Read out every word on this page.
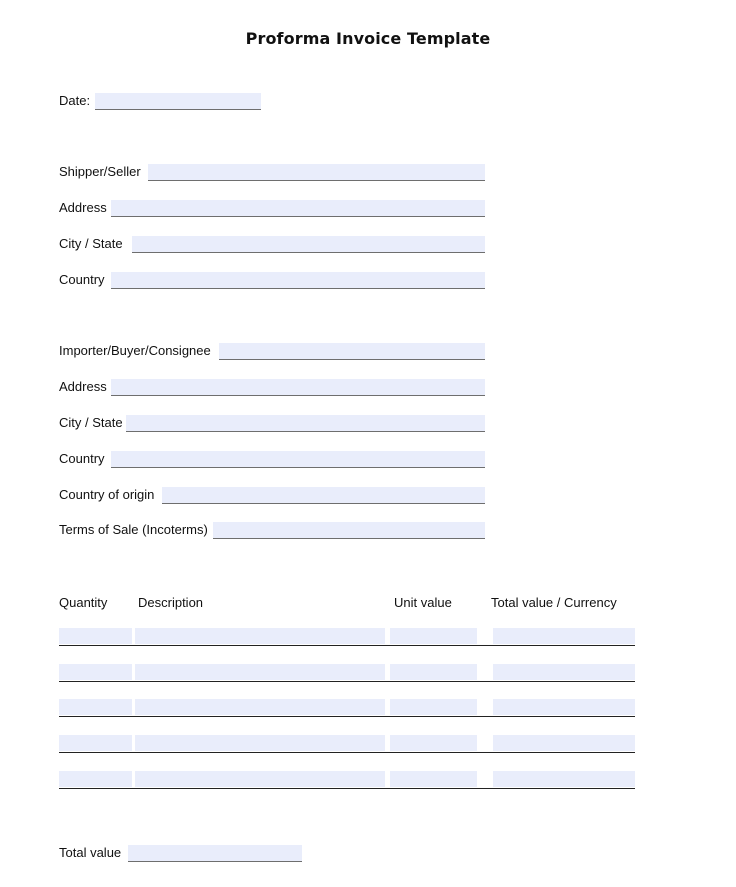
Proforma Invoice Template
Date:
Shipper/Seller
Address
City / State
Country
Importer/Buyer/Consignee
Address
City / State
Country
Country of origin
Terms of Sale (Incoterms)
Quantity Description	Unit value	Total value / Currency
Total value
